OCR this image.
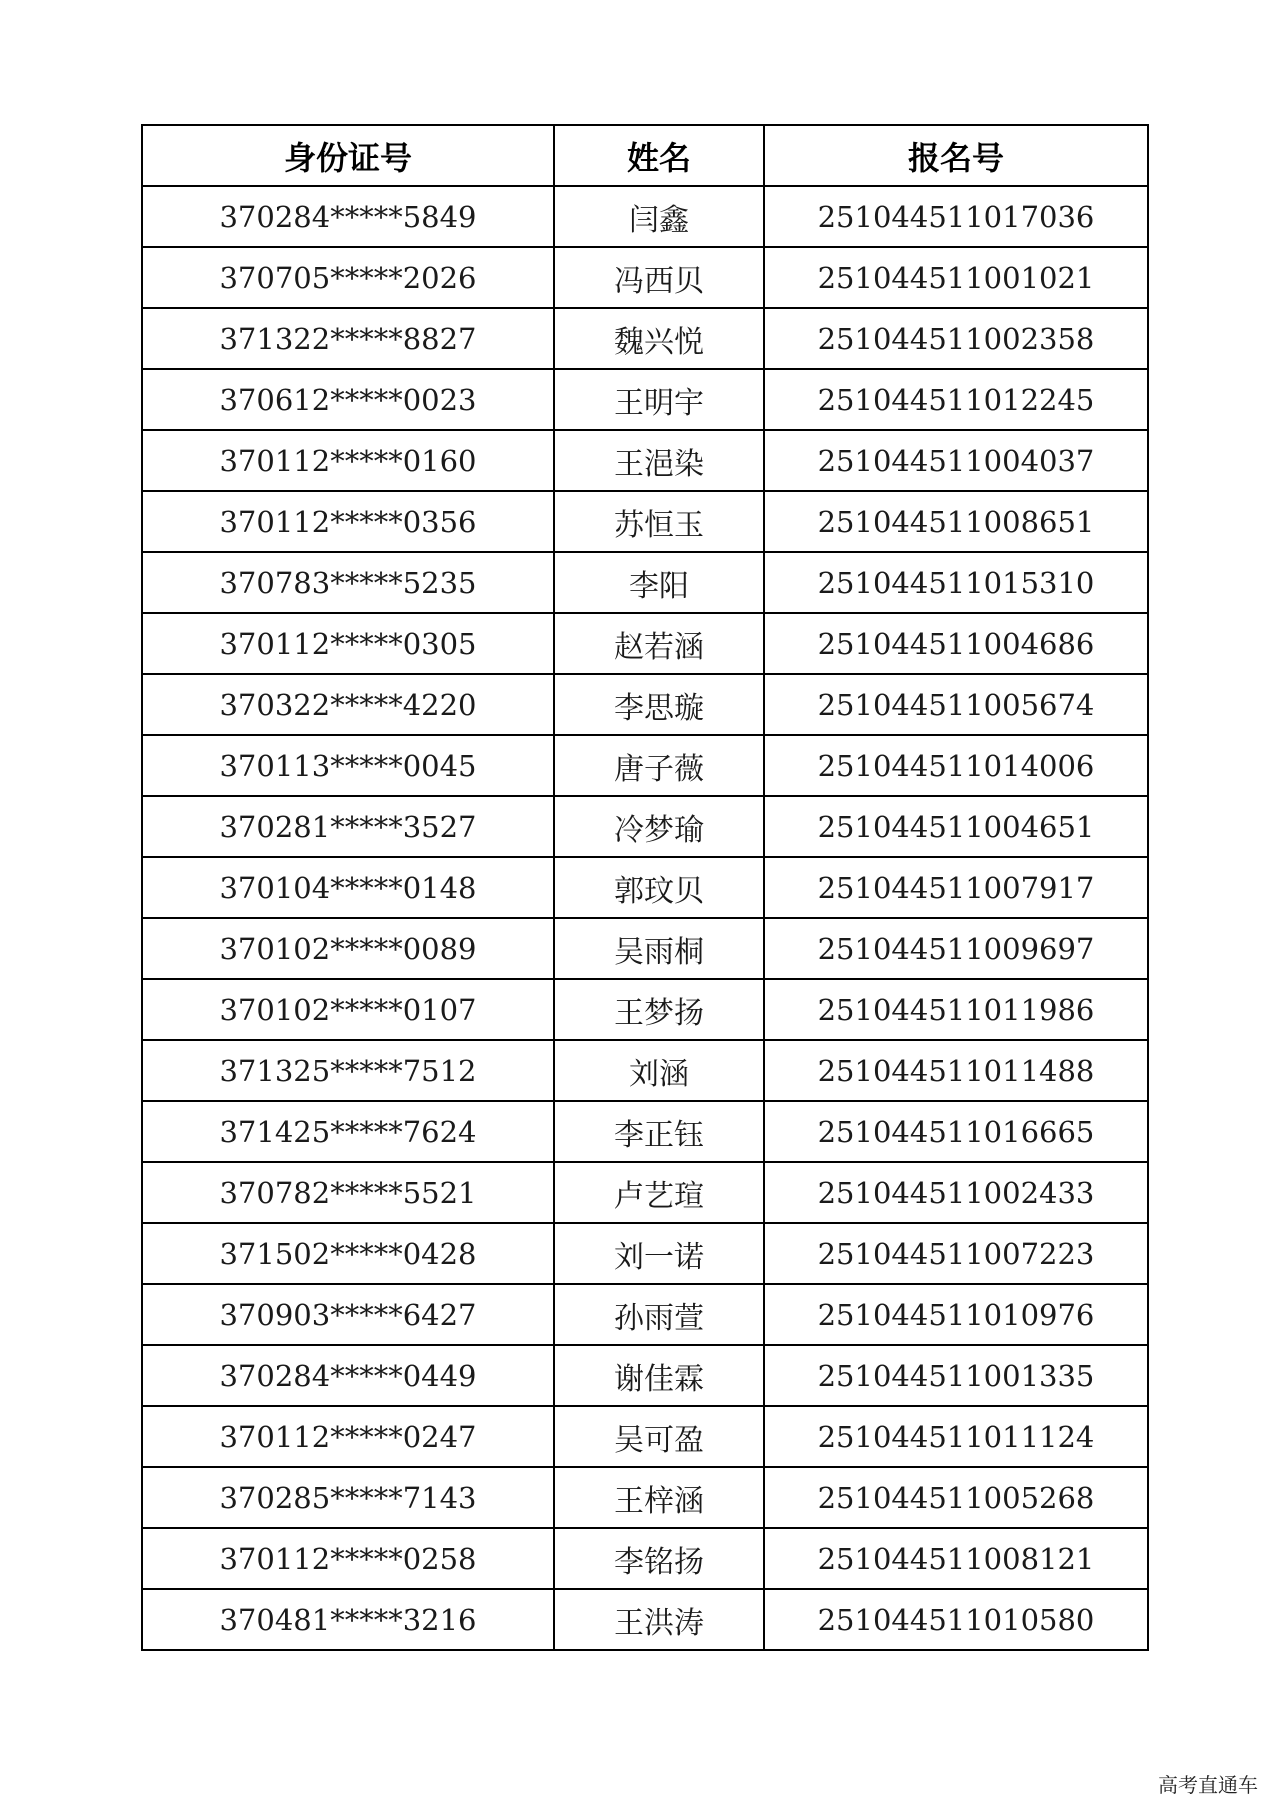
身份证号	姓名	报名号
370284*****5849	闫鑫	251044511017036
370705*****2026	冯西贝	251044511001021
371322*****8827	魏兴悦	251044511002358
370612*****0023	王明宇	251044511012245
370112*****0160	王浥染	251044511004037
370112*****0356	苏恒玉	251044511008651
370783*****5235	李阳	251044511015310
370112*****0305	赵若涵	251044511004686
370322*****4220	李思璇	251044511005674
370113*****0045	唐子薇	251044511014006
370281*****3527	冷梦瑜	251044511004651
370104*****0148	郭玟贝	251044511007917
370102*****0089	吴雨桐	251044511009697
370102*****0107	王梦扬	251044511011986
371325*****7512	刘涵	251044511011488
371425*****7624	李正钰	251044511016665
370782*****5521	卢艺瑄	251044511002433
371502*****0428	刘一诺	251044511007223
370903*****6427	孙雨萱	251044511010976
370284*****0449	谢佳霖	251044511001335
370112*****0247	吴可盈	251044511011124
370285*****7143	王梓涵	251044511005268
370112*****0258	李铭扬	251044511008121
370481*****3216	王洪涛	251044511010580
高考直通车
